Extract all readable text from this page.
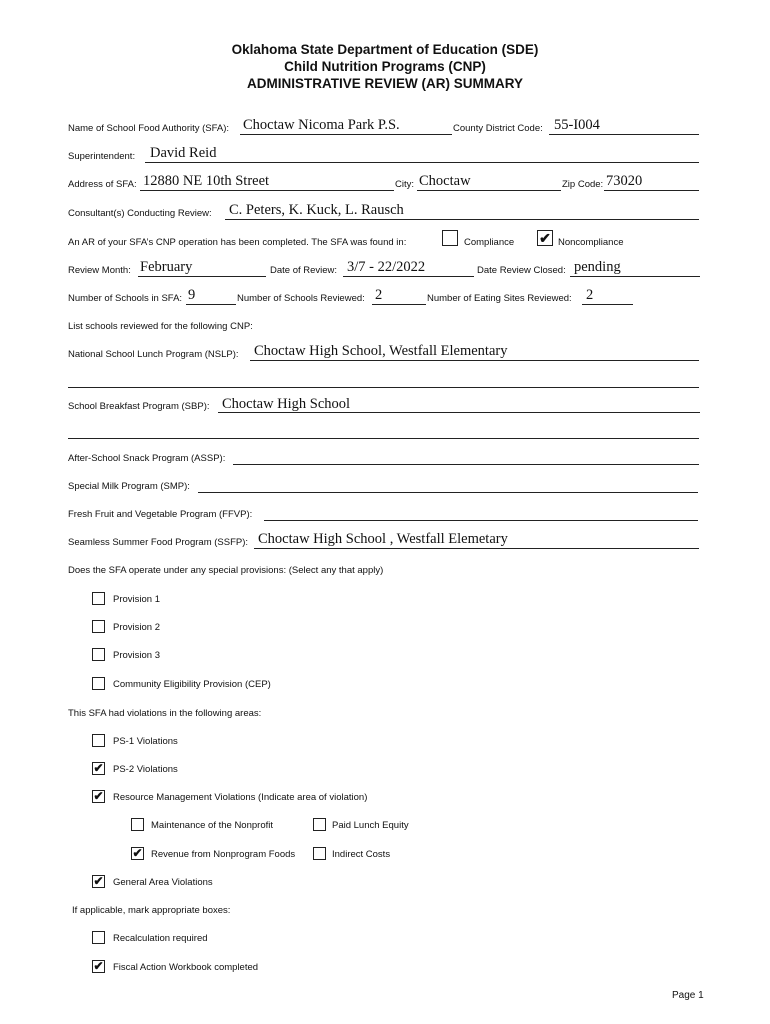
Oklahoma State Department of Education (SDE)
Child Nutrition Programs (CNP)
ADMINISTRATIVE REVIEW (AR) SUMMARY
Name of School Food Authority (SFA): Choctaw Nicoma Park P.S.	County District Code: 55-I004
Superintendent: David Reid
Address of SFA: 12880 NE 10th Street	City: Choctaw	Zip Code: 73020
Consultant(s) Conducting Review: C. Peters, K. Kuck, L. Rausch
An AR of your SFA’s CNP operation has been completed. The SFA was found in:	Compliance ✔ Noncompliance
Review Month: February	Date of Review: 3/7 - 22/2022	Date Review Closed: pending
Number of Schools in SFA: 9	Number of Schools Reviewed: 2	Number of Eating Sites Reviewed: 2
List schools reviewed for the following CNP:
National School Lunch Program (NSLP): Choctaw High School, Westfall Elementary
School Breakfast Program (SBP): Choctaw High School
After-School Snack Program (ASSP):
Special Milk Program (SMP):
Fresh Fruit and Vegetable Program (FFVP):
Seamless Summer Food Program (SSFP): Choctaw High School , Westfall Elemetary
Does the SFA operate under any special provisions: (Select any that apply)
Provision 1
Provision 2
Provision 3
Community Eligibility Provision (CEP)
This SFA had violations in the following areas:
PS-1 Violations
✔ PS-2 Violations
✔ Resource Management Violations (Indicate area of violation)
Maintenance of the Nonprofit	Paid Lunch Equity
✔ Revenue from Nonprogram Foods	Indirect Costs
✔ General Area Violations
If applicable, mark appropriate boxes:
Recalculation required
✔ Fiscal Action Workbook completed
Page 1
